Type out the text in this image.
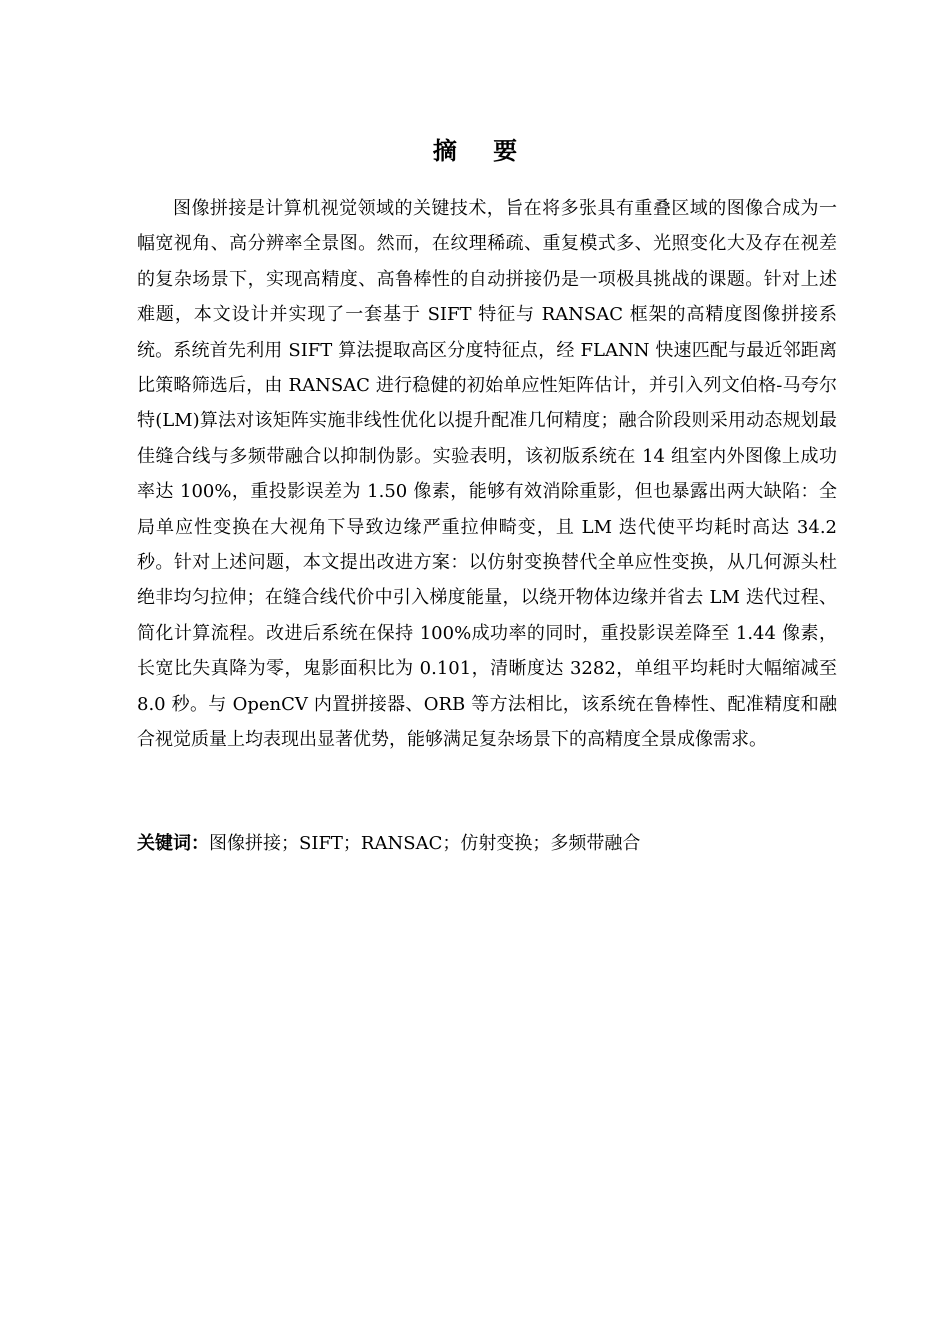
摘 要

图像拼接是计算机视觉领域的关键技术，旨在将多张具有重叠区域的图像合成为一幅宽视角、高分辨率全景图。然而，在纹理稀疏、重复模式多、光照变化大及存在视差的复杂场景下，实现高精度、高鲁棒性的自动拼接仍是一项极具挑战的课题。针对上述难题，本文设计并实现了一套基于 SIFT 特征与 RANSAC 框架的高精度图像拼接系统。系统首先利用 SIFT 算法提取高区分度特征点，经 FLANN 快速匹配与最近邻距离比策略筛选后，由 RANSAC 进行稳健的初始单应性矩阵估计，并引入列文伯格-马夸尔特(LM)算法对该矩阵实施非线性优化以提升配准几何精度；融合阶段则采用动态规划最佳缝合线与多频带融合以抑制伪影。实验表明，该初版系统在 14 组室内外图像上成功率达 100%，重投影误差为 1.50 像素，能够有效消除重影，但也暴露出两大缺陷：全局单应性变换在大视角下导致边缘严重拉伸畸变，且 LM 迭代使平均耗时高达 34.2 秒。针对上述问题，本文提出改进方案：以仿射变换替代全单应性变换，从几何源头杜绝非均匀拉伸；在缝合线代价中引入梯度能量，以绕开物体边缘并省去 LM 迭代过程、简化计算流程。改进后系统在保持 100%成功率的同时，重投影误差降至 1.44 像素，长宽比失真降为零，鬼影面积比为 0.101，清晰度达 3282，单组平均耗时大幅缩减至 8.0 秒。与 OpenCV 内置拼接器、ORB 等方法相比，该系统在鲁棒性、配准精度和融合视觉质量上均表现出显著优势，能够满足复杂场景下的高精度全景成像需求。

关键词：图像拼接；SIFT；RANSAC；仿射变换；多频带融合
